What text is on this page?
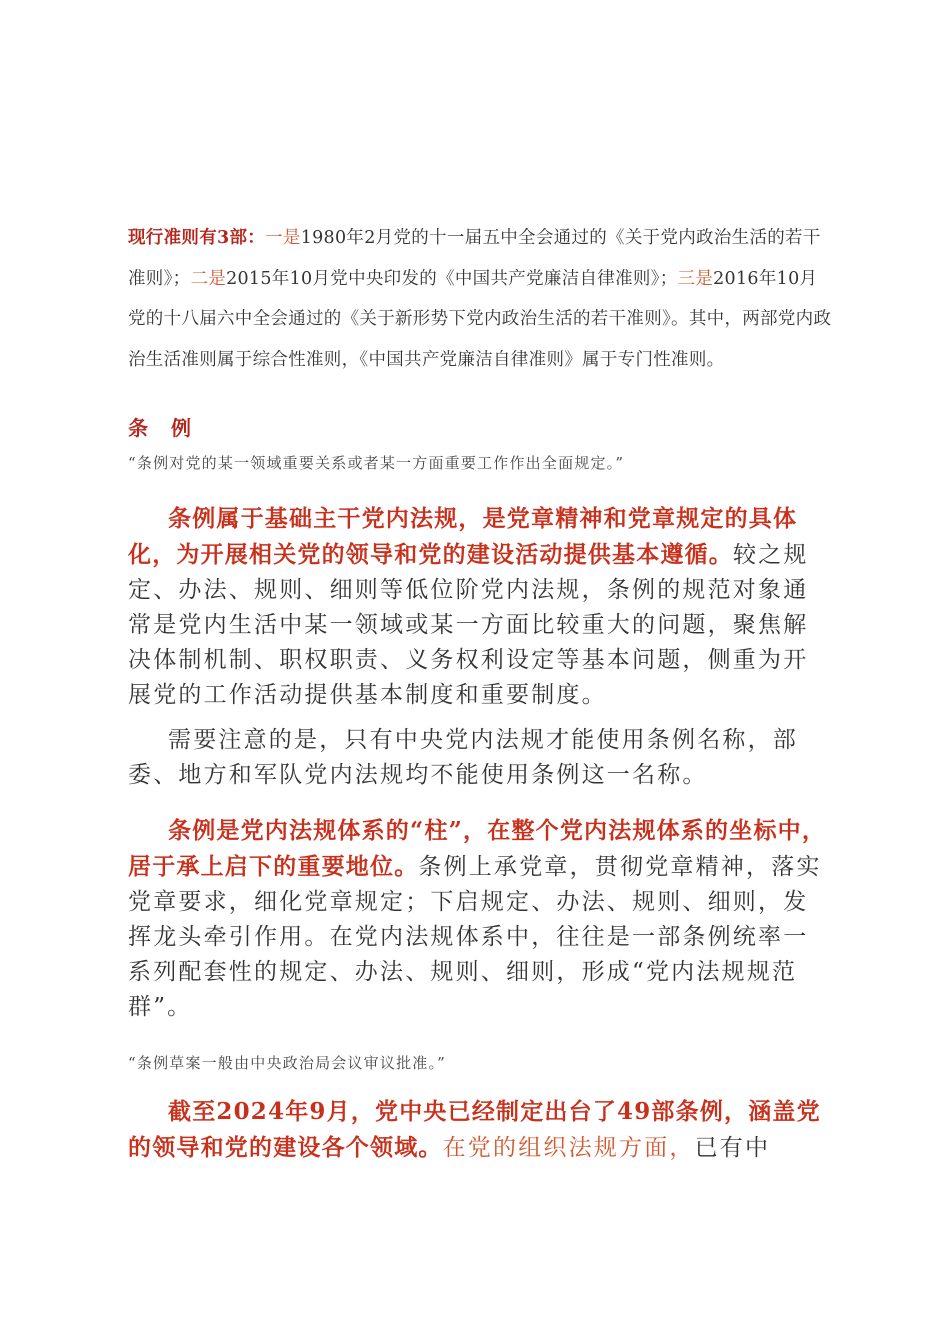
现行准则有3部：一是1980年2月党的十一届五中全会通过的《关于党内政治生活的若干准则》；二是2015年10月党中央印发的《中国共产党廉洁自律准则》；三是2016年10月党的十八届六中全会通过的《关于新形势下党内政治生活的若干准则》。其中，两部党内政治生活准则属于综合性准则，《中国共产党廉洁自律准则》属于专门性准则。
条 例
“条例对党的某一领域重要关系或者某一方面重要工作作出全面规定。”
条例属于基础主干党内法规，是党章精神和党章规定的具体化，为开展相关党的领导和党的建设活动提供基本遵循。较之规定、办法、规则、细则等低位阶党内法规，条例的规范对象通常是党内生活中某一领域或某一方面比较重大的问题，聚焦解决体制机制、职权职责、义务权利设定等基本问题，侧重为开展党的工作活动提供基本制度和重要制度。
需要注意的是，只有中央党内法规才能使用条例名称，部委、地方和军队党内法规均不能使用条例这一名称。
条例是党内法规体系的“柱”，在整个党内法规体系的坐标中，居于承上启下的重要地位。条例上承党章，贯彻党章精神，落实党章要求，细化党章规定；下启规定、办法、规则、细则，发挥龙头牵引作用。在党内法规体系中，往往是一部条例统率一系列配套性的规定、办法、规则、细则，形成“党内法规规范群”。
“条例草案一般由中央政治局会议审议批准。”
截至2024年9月，党中央已经制定出台了49部条例，涵盖党的领导和党的建设各个领域。在党的组织法规方面，已有中
